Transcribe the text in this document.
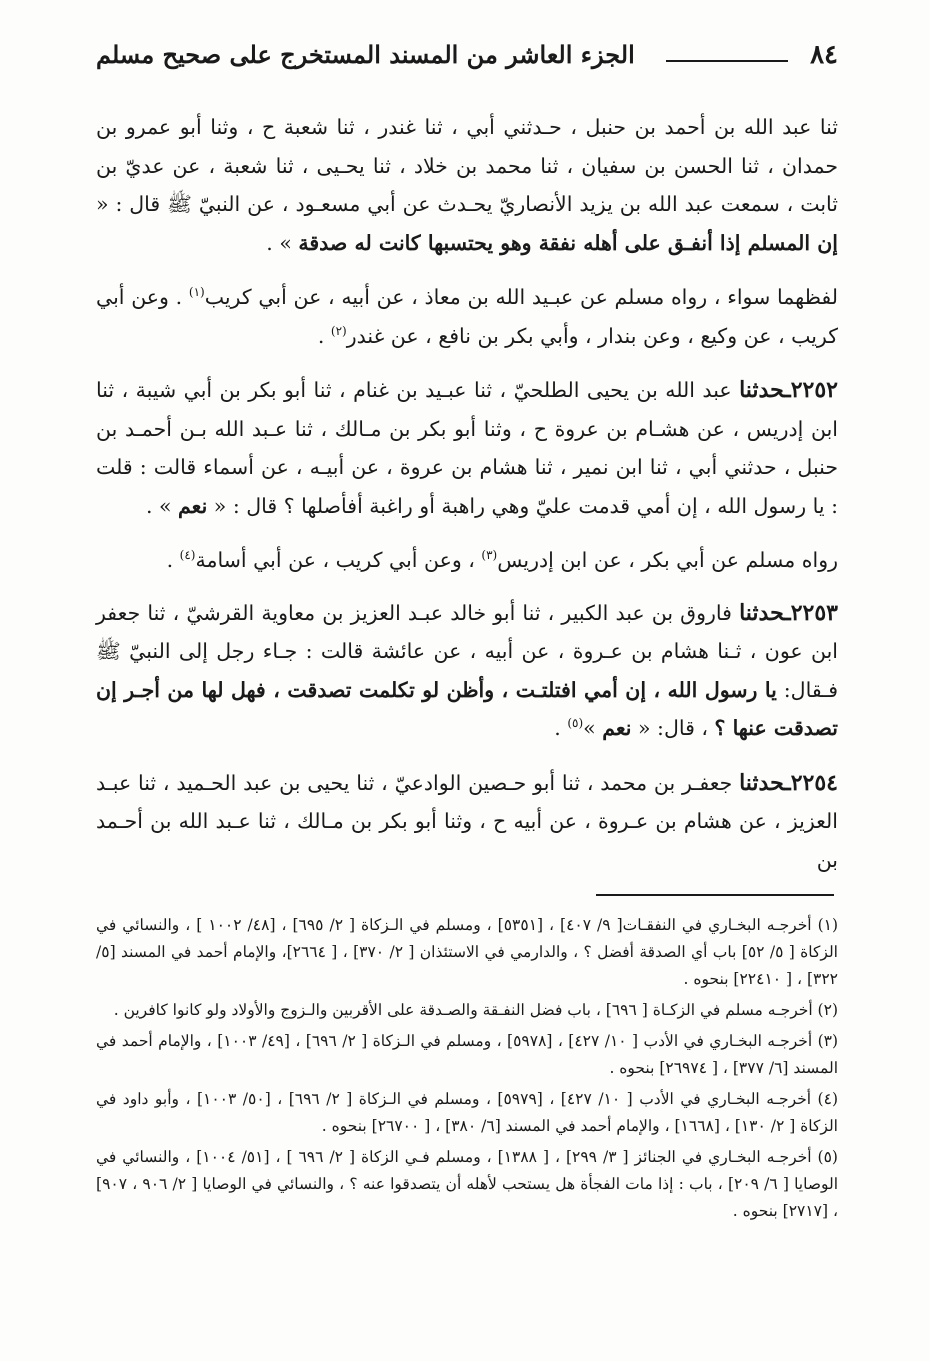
٨٤
الجزء العاشر من المسند المستخرج على صحيح مسلم

ثنا عبد الله بن أحمد بن حنبل ، حـدثني أبي ، ثنا غندر ، ثنا شعبة ح ، وثنا أبو عمرو بن حمدان ، ثنا الحسن بن سفيان ، ثنا محمد بن خلاد ، ثنا يحـيى ، ثنا شعبة ، عن عديّ بن ثابت ، سمعت عبد الله بن يزيد الأنصاريّ يحـدث عن أبي مسعـود ، عن النبيّ ﷺ قال : « إن المسلم إذا أنفـق على أهله نفقة وهو يحتسبها كانت له صدقة » .

لفظهما سواء ، رواه مسلم عن عبـيد الله بن معاذ ، عن أبيه ، عن أبي كريب$^{(١)}$ . وعن أبي كريب ، عن وكيع ، وعن بندار ، وأبي بكر بن نافع ، عن غندر$^{(٢)}$ .

٢٢٥٢ـحدثنا عبد الله بن يحيى الطلحيّ ، ثنا عبـيد بن غنام ، ثنا أبو بكر بن أبي شيبة ، ثنا ابن إدريس ، عن هشـام بن عروة ح ، وثنا أبو بكر بن مـالك ، ثنا عـبد الله بـن أحمـد بن حنبل ، حدثني أبي ، ثنا ابن نمير ، ثنا هشام بن عروة ، عن أبيـه ، عن أسماء قالت : قلت : يا رسول الله ، إن أمي قدمت عليّ وهي راهبة أو راغبة أفأصلها ؟ قال : « نعم » .

رواه مسلم عن أبي بكر ، عن ابن إدريس$^{(٣)}$ ، وعن أبي كريب ، عن أبي أسامة$^{(٤)}$ .

٢٢٥٣ـحدثنا فاروق بن عبد الكبير ، ثنا أبو خالد عبـد العزيز بن معاوية القرشيّ ، ثنا جعفر ابن عون ، ثـنا هشام بن عـروة ، عن أبيه ، عن عائشة قالت : جـاء رجل إلى النبيّ ﷺ فـقال: يا رسول الله ، إن أمي افتلتـت ، وأظن لو تكلمت تصدقت ، فهل لها من أجـر إن تصدقت عنها ؟ ، قال: « نعم »$^{(٥)}$ .

٢٢٥٤ـحدثنا جعفـر بن محمد ، ثنا أبو حـصين الوادعيّ ، ثنا يحيى بن عبد الحـميد ، ثنا عبـد العزيز ، عن هشام بن عـروة ، عن أبيه ح ، وثنا أبو بكر بن مـالك ، ثنا عـبد الله بن أحـمد بن

(١) أخرجـه البخـاري في النفقـات[ ٩/ ٤٠٧] ، [٥٣٥١] ، ومسلم في الـزكاة [ ٢/ ٦٩٥] ، [٤٨/ ١٠٠٢ ] ، والنسائي في الزكاة [ ٥/ ٥٢] باب أي الصدقة أفضل ؟ ، والدارمي في الاستئذان [ ٢/ ٣٧٠] ، [ ٢٦٦٤]، والإمام أحمد في المسند [٥/ ٣٢٢] ، [ ٢٢٤١٠] بنحوه .

(٢) أخرجـه مسلم في الزكـاة [ ٦٩٦] ، باب فضل النفـقة والصـدقة على الأقربين والـزوج والأولاد ولو كانوا كافرين .

(٣) أخرجـه البخـاري في الأدب [ ١٠/ ٤٢٧] ، [٥٩٧٨] ، ومسلم في الـزكاة [ ٢/ ٦٩٦] ، [٤٩/ ١٠٠٣] ، والإمام أحمد في المسند [٦/ ٣٧٧] ، [ ٢٦٩٧٤] بنحوه .

(٤) أخرجـه البخـاري في الأدب [ ١٠/ ٤٢٧] ، [٥٩٧٩] ، ومسلم في الـزكاة [ ٢/ ٦٩٦] ، [٥٠/ ١٠٠٣] ، وأبو داود في الزكاة [ ٢/ ١٣٠] ، [١٦٦٨] ، والإمام أحمد في المسند [٦/ ٣٨٠] ، [ ٢٦٧٠٠] بنحوه .

(٥) أخرجـه البخـاري في الجنائز [ ٣/ ٢٩٩] ، [ ١٣٨٨] ، ومسلم فـي الزكاة [ ٢/ ٦٩٦ ] ، [٥١/ ١٠٠٤] ، والنسائي في الوصايا [ ٦/ ٢٠٩] ، باب : إذا مات الفجأة هل يستحب لأهله أن يتصدقوا عنه ؟ ، والنسائي في الوصايا [ ٢/ ٩٠٦ ، ٩٠٧] ، [٢٧١٧] بنحوه .
